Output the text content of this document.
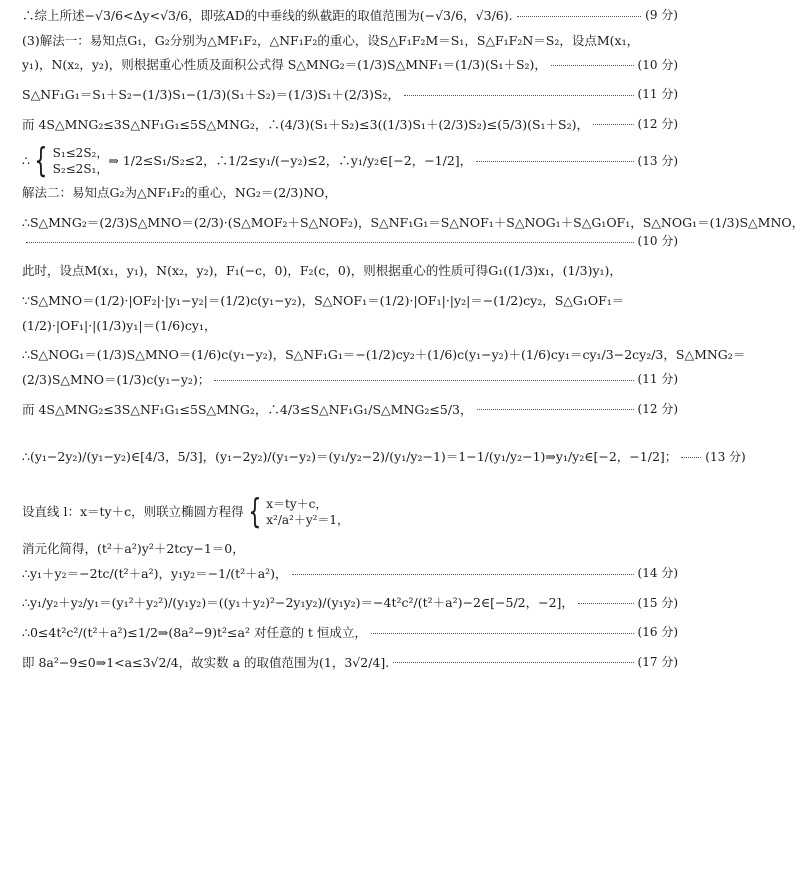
∴综上所述−√3/6<Δy<√3/6，即弦AD的中垂线的纵截距的取值范围为(−√3/6，√3/6).	(9 分)
(3)解法一：易知点G₁，G₂分别为△MF₁F₂，△NF₁F₂的重心，设S△F₁F₂M＝S₁，S△F₁F₂N＝S₂，设点M(x₁，
y₁)，N(x₂，y₂)，则根据重心性质及面积公式得 S△MNG₂＝(1/3)S△MNF₁＝(1/3)(S₁＋S₂)，	(10 分)
S△NF₁G₁＝S₁＋S₂−(1/3)S₁−(1/3)(S₁＋S₂)＝(1/3)S₁＋(2/3)S₂，	(11 分)
而 4S△MNG₂≤3S△NF₁G₁≤5S△MNG₂，∴(4/3)(S₁＋S₂)≤3((1/3)S₁＋(2/3)S₂)≤(5/3)(S₁＋S₂)，	(12 分)
∴ { S₁≤2S₂，
S₂≤2S₁，
⇒ 1/2≤S₁/S₂≤2，∴1/2≤y₁/(−y₂)≤2，∴y₁/y₂∈[−2，−1/2]，	(13 分)
解法二：易知点G₂为△NF₁F₂的重心，NG₂＝(2/3)NO，
∴S△MNG₂＝(2/3)S△MNO＝(2/3)·(S△MOF₂＋S△NOF₂)，S△NF₁G₁＝S△NOF₁＋S△NOG₁＋S△G₁OF₁，S△NOG₁＝(1/3)S△MNO，
(10 分)
此时，设点M(x₁，y₁)，N(x₂，y₂)，F₁(−c，0)，F₂(c，0)，则根据重心的性质可得G₁((1/3)x₁，(1/3)y₁)，
∵S△MNO＝(1/2)·|OF₂|·|y₁−y₂|＝(1/2)c(y₁−y₂)，S△NOF₁＝(1/2)·|OF₁|·|y₂|＝−(1/2)cy₂，S△G₁OF₁＝
(1/2)·|OF₁|·|(1/3)y₁|＝(1/6)cy₁，
∴S△NOG₁＝(1/3)S△MNO＝(1/6)c(y₁−y₂)，S△NF₁G₁＝−(1/2)cy₂＋(1/6)c(y₁−y₂)＋(1/6)cy₁＝cy₁/3−2cy₂/3，S△MNG₂＝
(2/3)S△MNO＝(1/3)c(y₁−y₂)；	(11 分)
而 4S△MNG₂≤3S△NF₁G₁≤5S△MNG₂，∴4/3≤S△NF₁G₁/S△MNG₂≤5/3，	(12 分)
∴(y₁−2y₂)/(y₁−y₂)∈[4/3，5/3]，(y₁−2y₂)/(y₁−y₂)＝(y₁/y₂−2)/(y₁/y₂−1)＝1−1/(y₁/y₂−1)⇒y₁/y₂∈[−2，−1/2]； (13 分)
设直线 l：x＝ty＋c，则联立椭圆方程得 { x＝ty＋c，
x²/a²＋y²＝1，
消元化简得，(t²＋a²)y²＋2tcy−1＝0，
∴y₁＋y₂＝−2tc/(t²＋a²)，y₁y₂＝−1/(t²＋a²)，	(14 分)
∴y₁/y₂＋y₂/y₁＝(y₁²＋y₂²)/(y₁y₂)＝((y₁＋y₂)²−2y₁y₂)/(y₁y₂)＝−4t²c²/(t²＋a²)−2∈[−5/2，−2]，	(15 分)
∴0≤4t²c²/(t²＋a²)≤1/2⇒(8a²−9)t²≤a² 对任意的 t 恒成立，	(16 分)
即 8a²−9≤0⇒1<a≤3√2/4，故实数 a 的取值范围为(1，3√2/4].	(17 分)
